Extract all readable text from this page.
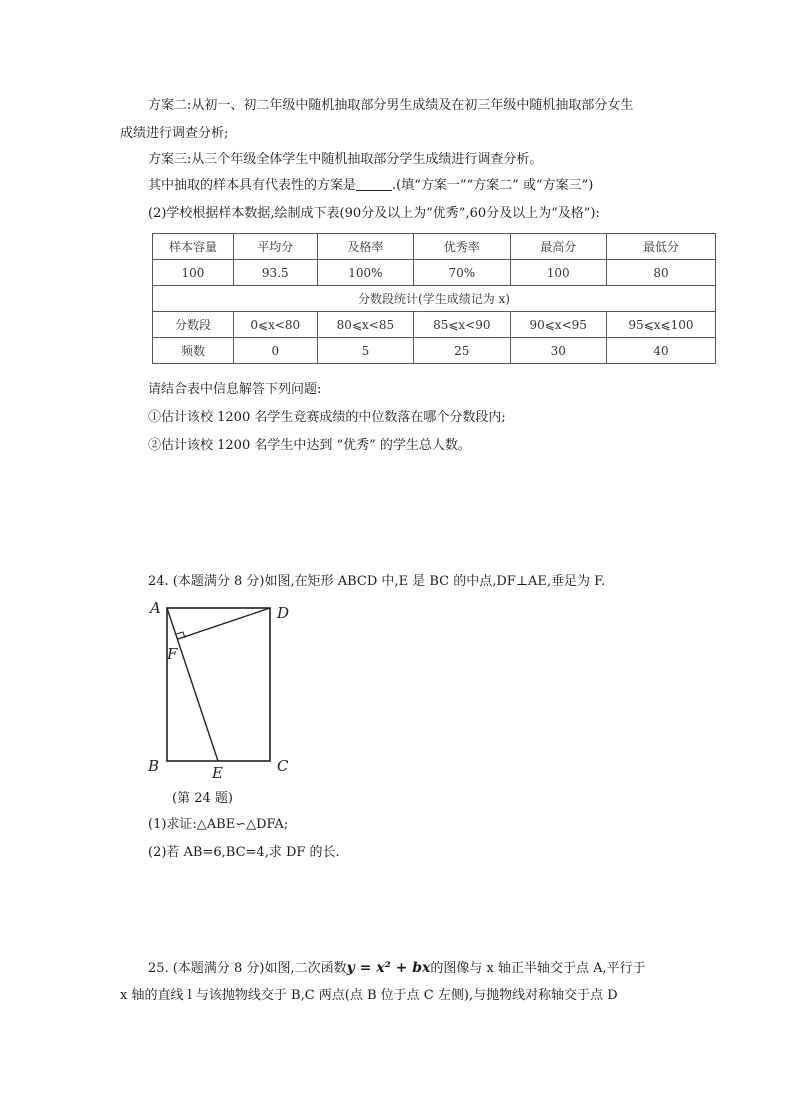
方案二:从初一、初二年级中随机抽取部分男生成绩及在初三年级中随机抽取部分女生
成绩进行调查分析;
方案三:从三个年级全体学生中随机抽取部分学生成绩进行调查分析。
其中抽取的样本具有代表性的方案是	.(填“方案一”“方案二” 或“方案三”)
(2)学校根据样本数据,绘制成下表(90分及以上为“优秀”,60分及以上为“及格”):
样本容量	平均分	及格率	优秀率	最高分	最低分
100	93.5	100%	70%	100	80
分数段统计(学生成绩记为 x)					
分数段	0⩽x<80	80⩽x<85	85⩽x<90	90⩽x<95	95⩽x⩽100
频数	0	5	25	30	40
请结合表中信息解答下列问题:
①估计该校 1200 名学生竞赛成绩的中位数落在哪个分数段内;
②估计该校 1200 名学生中达到 “优秀” 的学生总人数。
24. (本题满分 8 分)如图,在矩形 ABCD 中,E 是 BC 的中点,DF⊥AE,垂足为 F.
A	D
F
B	E	C
(第 24 题)
(1)求证:△ABE∽△DFA;
(2)若 AB=6,BC=4,求 DF 的长.
25. (本题满分 8 分)如图,二次函数y = x² + bx的图像与 x 轴正半轴交于点 A,平行于
x 轴的直线 l 与该抛物线交于 B,C 两点(点 B 位于点 C 左侧),与抛物线对称轴交于点 D
